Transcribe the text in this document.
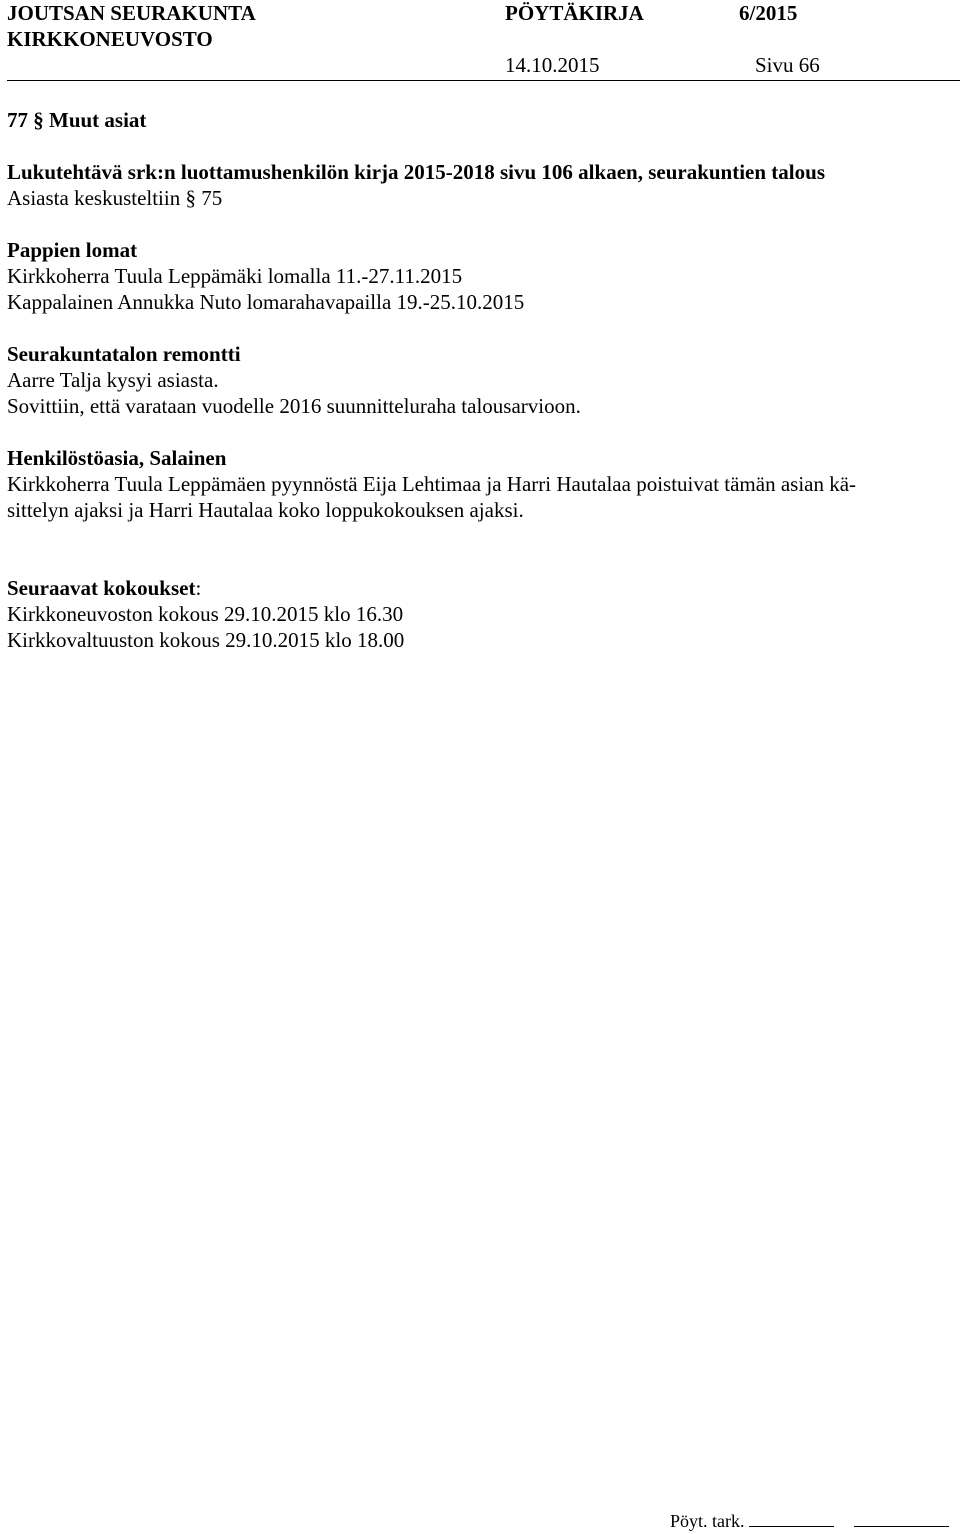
JOUTSAN SEURAKUNTA	PÖYTÄKIRJA	6/2015
KIRKKONEUVOSTO
14.10.2015	Sivu 66

77 § Muut asiat

Lukutehtävä srk:n luottamushenkilön kirja 2015-2018 sivu 106 alkaen, seurakuntien talous

Asiasta keskusteltiin § 75

Pappien lomat

Kirkkoherra Tuula Leppämäki lomalla 11.-27.11.2015

Kappalainen Annukka Nuto lomarahavapailla 19.-25.10.2015

Seurakuntatalon remontti

Aarre Talja kysyi asiasta.

Sovittiin, että varataan vuodelle 2016 suunnitteluraha talousarvioon.

Henkilöstöasia, Salainen

Kirkkoherra Tuula Leppämäen pyynnöstä Eija Lehtimaa ja Harri Hautalaa poistuivat tämän asian kä-

sittelyn ajaksi ja Harri Hautalaa koko loppukokouksen ajaksi.

Seuraavat kokoukset:

Kirkkoneuvoston kokous 29.10.2015 klo 16.30

Kirkkovaltuuston kokous 29.10.2015 klo 18.00

Pöyt. tark.
